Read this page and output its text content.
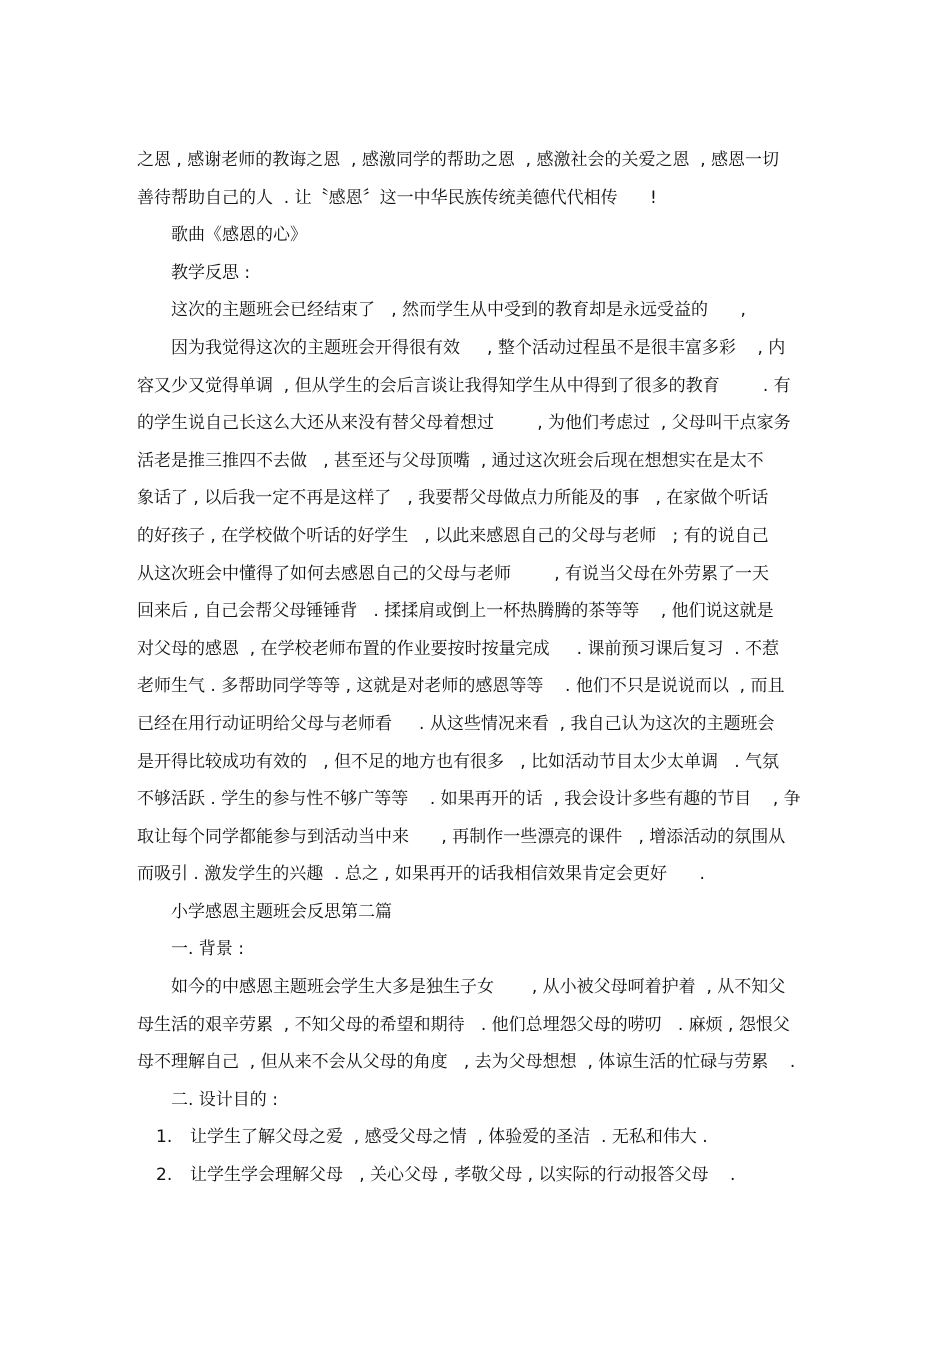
之恩 , 感谢老师的教诲之恩  , 感激同学的帮助之恩  , 感激社会的关爱之恩  , 感恩一切
善待帮助自己的人  . 让〝感恩〞这一中华民族传统美德代代相传      !
歌曲《感恩的心》
教学反思 :
这次的主题班会已经结束了   , 然而学生从中受到的教育却是永远受益的      ,
因为我觉得这次的主题班会开得很有效     , 整个活动过程虽不是很丰富多彩    , 内
容又少又觉得单调  , 但从学生的会后言谈让我得知学生从中得到了很多的教育        . 有
的学生说自己长这么大还从来没有替父母着想过        , 为他们考虑过  , 父母叫干点家务
活老是推三推四不去做   , 甚至还与父母顶嘴  , 通过这次班会后现在想想实在是太不
象话了 , 以后我一定不再是这样了   , 我要帮父母做点力所能及的事   , 在家做个听话
的好孩子 , 在学校做个听话的好学生   , 以此来感恩自己的父母与老师   ; 有的说自己
从这次班会中懂得了如何去感恩自己的父母与老师        , 有说当父母在外劳累了一天
回来后 , 自己会帮父母锤锤背   . 揉揉肩或倒上一杯热腾腾的茶等等    , 他们说这就是
对父母的感恩  , 在学校老师布置的作业要按时按量完成     . 课前预习课后复习  . 不惹
老师生气 . 多帮助同学等等 , 这就是对老师的感恩等等    . 他们不只是说说而以  , 而且
已经在用行动证明给父母与老师看     . 从这些情况来看  , 我自己认为这次的主题班会
是开得比较成功有效的   , 但不足的地方也有很多   , 比如活动节目太少太单调   . 气氛
不够活跃 . 学生的参与性不够广等等    . 如果再开的话  , 我会设计多些有趣的节目    , 争
取让每个同学都能参与到活动当中来      , 再制作一些漂亮的课件   , 增添活动的氛围从
而吸引 . 激发学生的兴趣  . 总之 , 如果再开的话我相信效果肯定会更好      .
小学感恩主题班会反思第二篇
一. 背景 :
如今的中感恩主题班会学生大多是独生子女       , 从小被父母呵着护着  , 从不知父
母生活的艰辛劳累  , 不知父母的希望和期待   . 他们总埋怨父母的唠叨   . 麻烦 , 怨恨父
母不理解自己  , 但从来不会从父母的角度   , 去为父母想想  , 体谅生活的忙碌与劳累    .
二. 设计目的 :
1. 让学生了解父母之爱  , 感受父母之情  , 体验爱的圣洁  . 无私和伟大 .
2. 让学生学会理解父母   , 关心父母 , 孝敬父母 , 以实际的行动报答父母    .
